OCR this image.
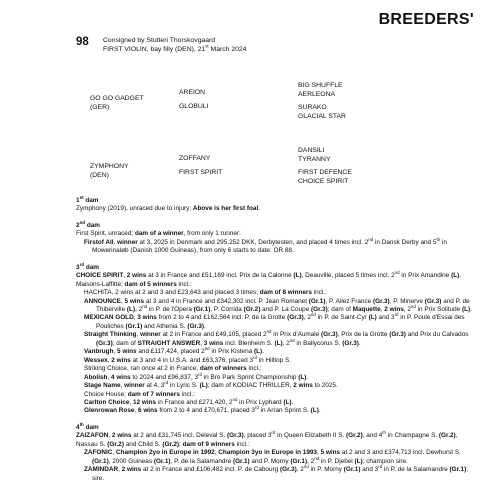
BREEDERS'
98 Consigned by Stutteri Thorskovgaard
FIRST VIOLIN, bay filly (DEN), 21st March 2024
GO GO GADGET
(GER)
ZYMPHONY
(DEN)
AREION
GLOBULI
ZOFFANY
FIRST SPIRIT
BIG SHUFFLE
AERLEONA
SURAKO
GLACIAL STAR
DANSILI
TYRANNY
FIRST DEFENCE
CHOICE SPIRIT

1st dam

Zymphony (2019), unraced due to injury; Above is her first foal.

2nd dam

First Spirit, unraced; dam of a winner, from only 1 runner:

Firstof All, winner at 3, 2025 in Denmark and 295.252 DKK, Derbytesten, and placed 4 times incl. 2nd in Dansk Derby and 5th in Mowerinaløb (Danish 1000 Guineas), from only 6 starts to date: OR 88.

3rd dam

CHOICE SPIRIT, 2 wins at 3 in France and £51,169 incl. Prix de la Calonne (L), Deauville, placed 5 times incl. 2nd in Prix Amandine (L), Maisons-Laffitte; dam of 5 winners incl.:

HACHITA, 2 wins at 2 and 3 and £23,643 and placed 3 times; dam of 8 winners incl.:

ANNOUNCE, 5 wins at 3 and 4 in France and £342,302 incl. P. Jean Romanet (Gr.1), P. Allez France (Gr.3), P. Minerve (Gr.3) and P. de Thiberville (L), 2nd in P. de l'Opera (Gr.1), P. Corrida (Gr.2) and P. La Coupe (Gr.3); dam of Maquette, 2 wins, 2nd in Prix Solitude (L).

MEXICAN GOLD, 3 wins from 2 to 4 and £162,564 incl. P. de la Grotte (Gr.3), 2nd in P. de Saint-Cyr (L) and 3rd in P. Poule d'Essai des Pouliches (Gr.1) and Athenia S. (Gr.3).

Straight Thinking, winner at 2 in France and £49,105, placed 2nd in Prix d'Aumale (Gr.3), Prix de la Grotte (Gr.3) and Prix du Calvados (Gr.3); dam of STRAIGHT ANSWER, 3 wins incl. Blenheim S. (L), 2nd in Ballycorus S. (Gr.3).

Vanbrugh, 5 wins and £117,424, placed 2nd in Prix Kistena (L).

Wessex, 2 wins at 3 and 4 in U.S.A. and £63,376, placed 3rd in Hilltop S.

Striking Choice, ran once at 2 in France; dam of winners incl.:

Abolish, 4 wins to 2024 and £96,837, 3rd in Bro Park Sprint Championship (L).

Stage Name, winner at 4, 3rd in Lyric S. (L); dam of KODIAC THRILLER, 2 wins to 2025.

Choice House; dam of 7 winners incl.:

Carlton Choice, 12 wins in France and £271,420, 2nd in Prix Lyphard (L).

Glenrowan Rose, 6 wins from 2 to 4 and £70,671, placed 3rd in Arran Sprint S. (L).

4th dam

ZAIZAFON, 2 wins at 2 and £31,745 incl. Deleval S. (Gr.3), placed 3rd in Queen Elizabeth II S. (Gr.2), and 4th in Champagne S. (Gr.2), Nassau S. (Gr.2) and Child S. (Gr.2); dam of 9 winners incl.:

ZAFONIC, Champion 2yo in Europe in 1992, Champion 3yo in Europe in 1993, 5 wins at 2 and 3 and £374,713 incl. Dewhurst S. (Gr.1), 2000 Guineas (Gr.1), P. de la Salamandre (Gr.1) and P. Morny (Gr.1), 2nd in P. Djebel (L); champion sire.

ZAMINDAR, 2 wins at 2 in France and £106,482 incl. P. de Cabourg (Gr.3), 2nd in P. Morny (Gr.1) and 3rd in P. de la Salamandre (Gr.1); sire.
